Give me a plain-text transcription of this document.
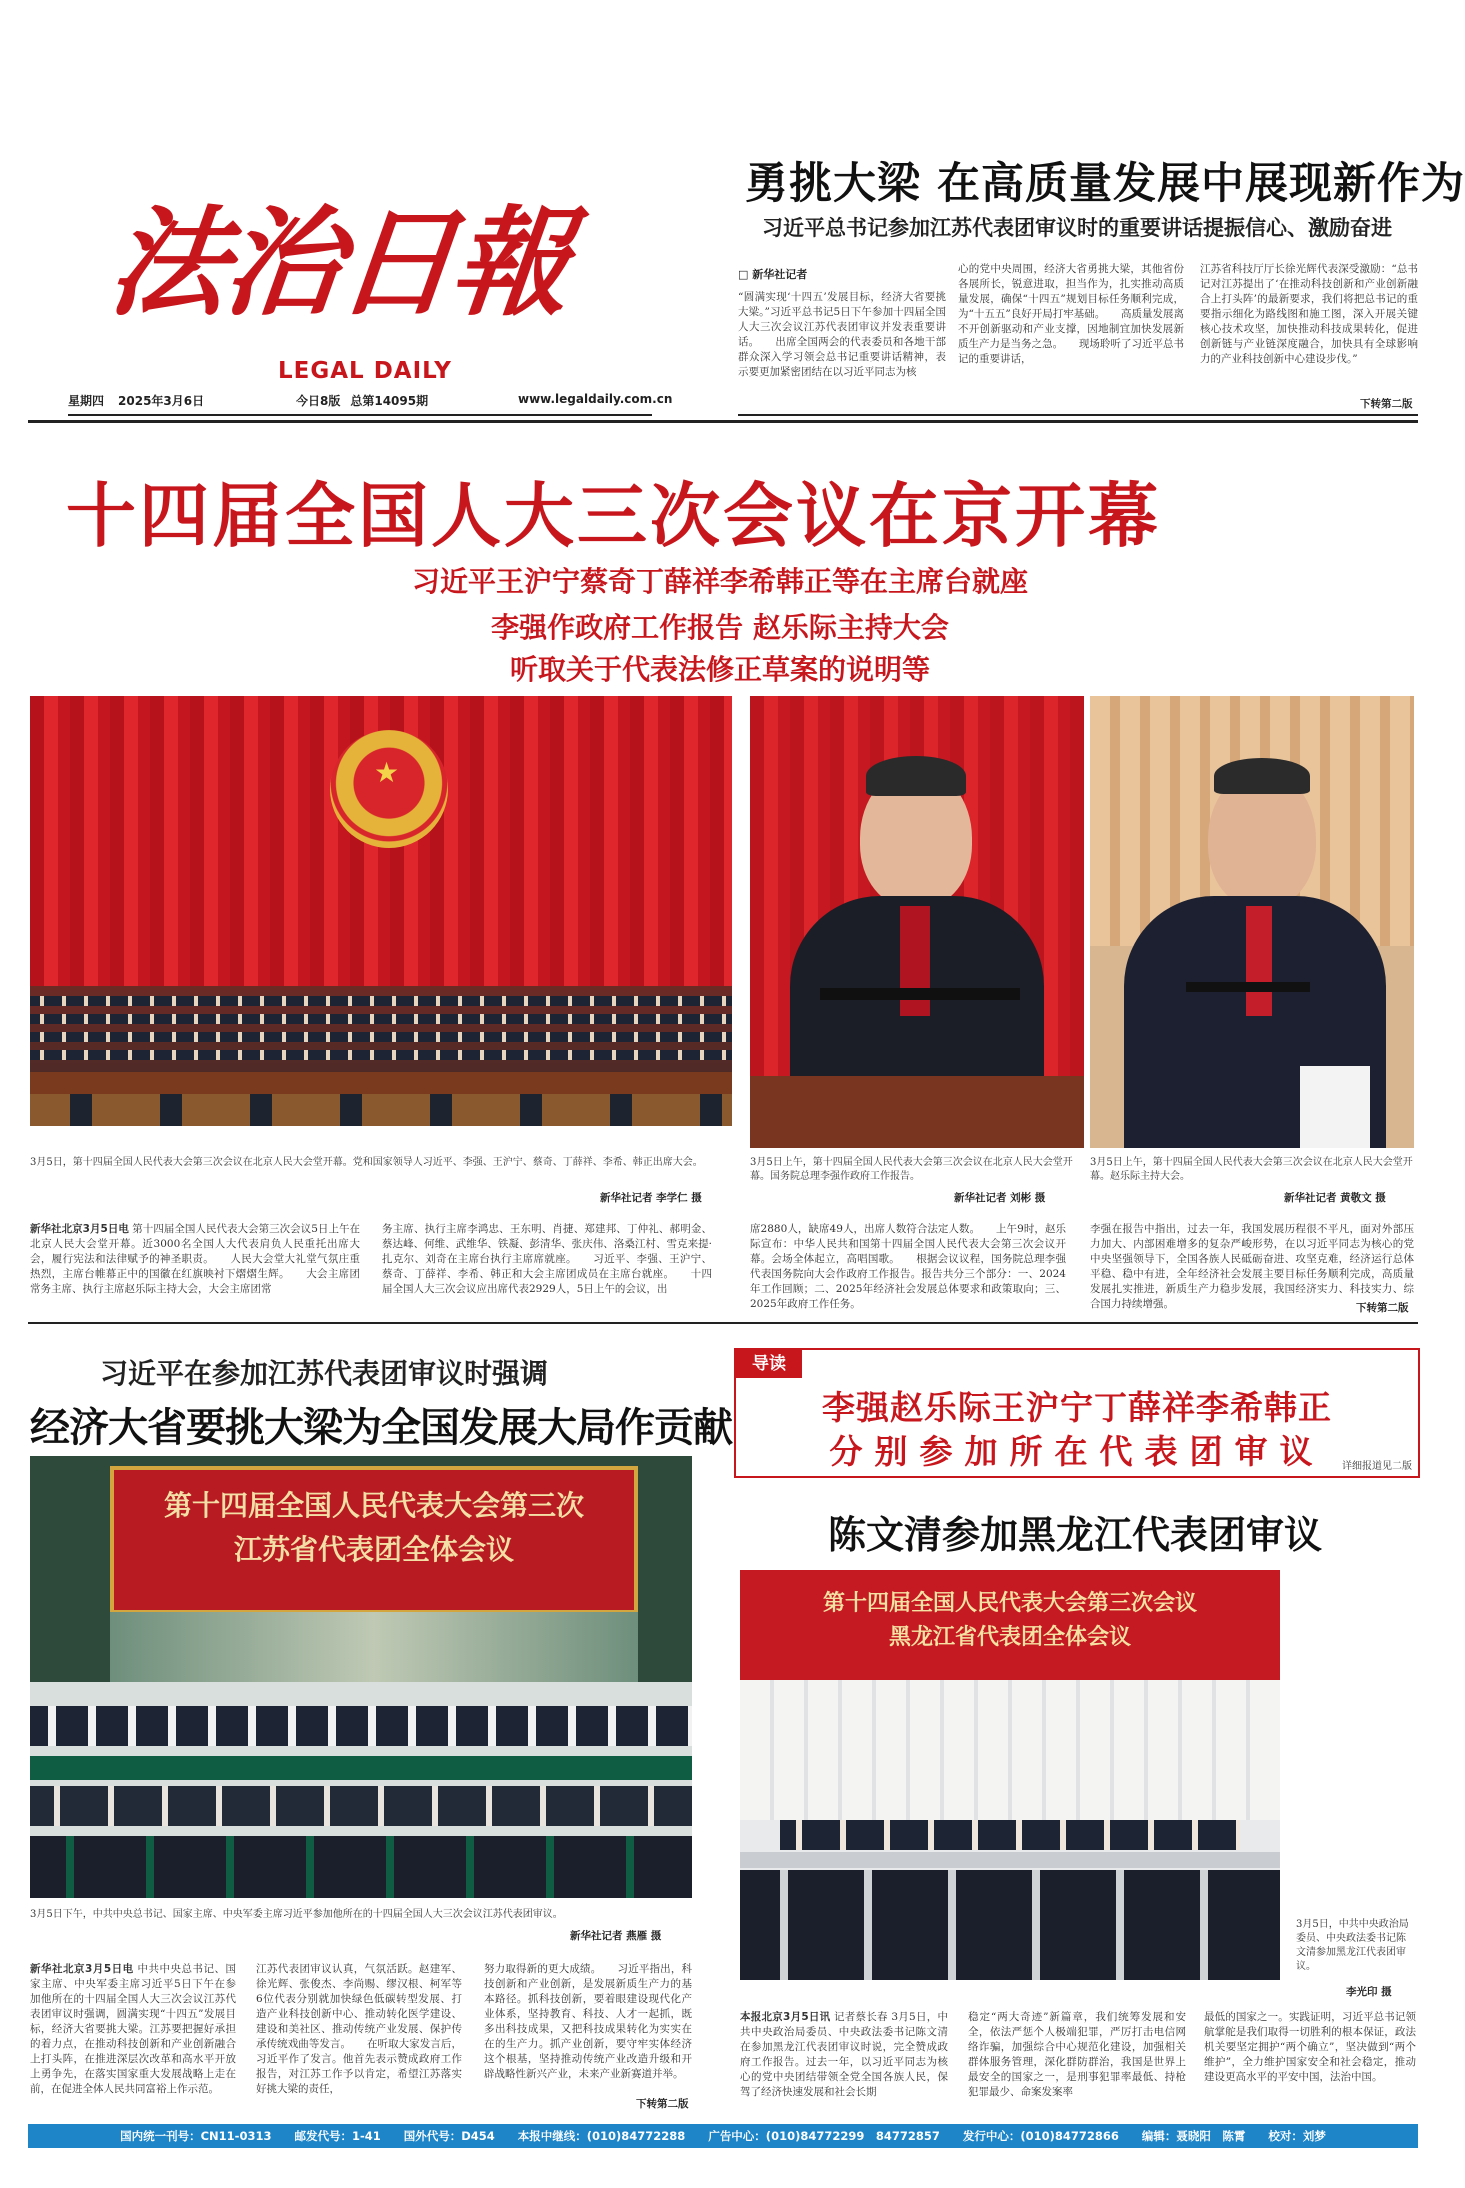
法治日報
LEGAL DAILY
星期四 2025年3月6日	今日8版 总第14095期	www.legaldaily.com.cn
勇挑大梁 在高质量发展中展现新作为
习近平总书记参加江苏代表团审议时的重要讲话提振信心、激励奋进
□ 新华社记者
“圆满实现‘十四五’发展目标，经济大省要挑大梁。”习近平总书记5日下午参加十四届全国人大三次会议江苏代表团审议并发表重要讲话。　　出席全国两会的代表委员和各地干部群众深入学习领会总书记重要讲话精神，表示要更加紧密团结在以习近平同志为核
心的党中央周围，经济大省勇挑大梁，其他省份各展所长，锐意进取，担当作为，扎实推动高质量发展，确保“十四五”规划目标任务顺利完成，为“十五五”良好开局打牢基础。　　高质量发展离不开创新驱动和产业支撑，因地制宜加快发展新质生产力是当务之急。　　现场聆听了习近平总书记的重要讲话，
江苏省科技厅厅长徐光辉代表深受激励：“总书记对江苏提出了‘在推动科技创新和产业创新融合上打头阵’的最新要求，我们将把总书记的重要指示细化为路线图和施工图，深入开展关键核心技术攻坚，加快推动科技成果转化，促进创新链与产业链深度融合，加快具有全球影响力的产业科技创新中心建设步伐。”
下转第二版
十四届全国人大三次会议在京开幕
习近平王沪宁蔡奇丁薛祥李希韩正等在主席台就座
李强作政府工作报告 赵乐际主持大会
听取关于代表法修正草案的说明等
★
3月5日，第十四届全国人民代表大会第三次会议在北京人民大会堂开幕。党和国家领导人习近平、李强、王沪宁、蔡奇、丁薛祥、李希、韩正出席大会。
新华社记者 李学仁 摄
3月5日上午，第十四届全国人民代表大会第三次会议在北京人民大会堂开幕。国务院总理李强作政府工作报告。
新华社记者 刘彬 摄
3月5日上午，第十四届全国人民代表大会第三次会议在北京人民大会堂开幕。赵乐际主持大会。
新华社记者 黄敬文 摄
新华社北京3月5日电 第十四届全国人民代表大会第三次会议5日上午在北京人民大会堂开幕。近3000名全国人大代表肩负人民重托出席大会，履行宪法和法律赋予的神圣职责。　　人民大会堂大礼堂气氛庄重热烈，主席台帷幕正中的国徽在红旗映衬下熠熠生辉。　　大会主席团常务主席、执行主席赵乐际主持大会，大会主席团常
务主席、执行主席李鸿忠、王东明、肖捷、郑建邦、丁仲礼、郝明金、蔡达峰、何维、武维华、铁凝、彭清华、张庆伟、洛桑江村、雪克来提·扎克尔、刘奇在主席台执行主席席就座。　　习近平、李强、王沪宁、蔡奇、丁薛祥、李希、韩正和大会主席团成员在主席台就座。　　十四届全国人大三次会议应出席代表2929人，5日上午的会议，出
席2880人，缺席49人，出席人数符合法定人数。　　上午9时，赵乐际宣布：中华人民共和国第十四届全国人民代表大会第三次会议开幕。会场全体起立，高唱国歌。　　根据会议议程，国务院总理李强代表国务院向大会作政府工作报告。报告共分三个部分：一、2024年工作回顾；二、2025年经济社会发展总体要求和政策取向；三、2025年政府工作任务。
李强在报告中指出，过去一年，我国发展历程很不平凡，面对外部压力加大、内部困难增多的复杂严峻形势，在以习近平同志为核心的党中央坚强领导下，全国各族人民砥砺奋进、攻坚克难，经济运行总体平稳、稳中有进，全年经济社会发展主要目标任务顺利完成，高质量发展扎实推进，新质生产力稳步发展，我国经济实力、科技实力、综合国力持续增强。	下转第二版
习近平在参加江苏代表团审议时强调
经济大省要挑大梁为全国发展大局作贡献
第十四届全国人民代表大会第三次
江苏省代表团全体会议
3月5日下午，中共中央总书记、国家主席、中央军委主席习近平参加他所在的十四届全国人大三次会议江苏代表团审议。
新华社记者 燕雁 摄
新华社北京3月5日电 中共中央总书记、国家主席、中央军委主席习近平5日下午在参加他所在的十四届全国人大三次会议江苏代表团审议时强调，圆满实现“十四五”发展目标，经济大省要挑大梁。江苏要把握好承担的着力点，在推动科技创新和产业创新融合上打头阵，在推进深层次改革和高水平开放上勇争先，在落实国家重大发展战略上走在前，在促进全体人民共同富裕上作示范。
江苏代表团审议认真，气氛活跃。赵建军、徐光辉、张俊杰、李尚赐、缪汉根、柯军等6位代表分别就加快绿色低碳转型发展、打造产业科技创新中心、推动转化医学建设、建设和美社区、推动传统产业发展、保护传承传统戏曲等发言。　　在听取大家发言后，习近平作了发言。他首先表示赞成政府工作报告，对江苏工作予以肯定，希望江苏落实好挑大梁的责任，
努力取得新的更大成绩。　　习近平指出，科技创新和产业创新，是发展新质生产力的基本路径。抓科技创新，要着眼建设现代化产业体系，坚持教育、科技、人才一起抓，既多出科技成果，又把科技成果转化为实实在在的生产力。抓产业创新，要守牢实体经济这个根基，坚持推动传统产业改造升级和开辟战略性新兴产业，未来产业新赛道并举。
下转第二版
导读
李强赵乐际王沪宁丁薛祥李希韩正
分别参加所在代表团审议	详细报道见二版
陈文清参加黑龙江代表团审议
第十四届全国人民代表大会第三次会议
黑龙江省代表团全体会议
3月5日，中共中央政治局委员、中央政法委书记陈文清参加黑龙江代表团审议。
李光印 摄
本报北京3月5日讯 记者蔡长春 3月5日，中共中央政治局委员、中央政法委书记陈文清在参加黑龙江代表团审议时说，完全赞成政府工作报告。过去一年，以习近平同志为核心的党中央团结带领全党全国各族人民，保驾了经济快速发展和社会长期
稳定“两大奇迹”新篇章，我们统筹发展和安全，依法严惩个人极端犯罪，严厉打击电信网络诈骗，加强综合中心规范化建设，加强相关群体服务管理，深化群防群治，我国是世界上最安全的国家之一，是刑事犯罪率最低、持枪犯罪最少、命案发案率
最低的国家之一。实践证明，习近平总书记领航掌舵是我们取得一切胜利的根本保证，政法机关要坚定拥护“两个确立”，坚决做到“两个维护”，全力维护国家安全和社会稳定，推动建设更高水平的平安中国，法治中国。
国内统一刊号：CN11-0313　　邮发代号：1-41　　国外代号：D454　　本报中继线：(010)84772288　　广告中心：(010)84772299　84772857　　发行中心：(010)84772866　　编辑：聂晓阳　陈霄　　校对：刘梦
